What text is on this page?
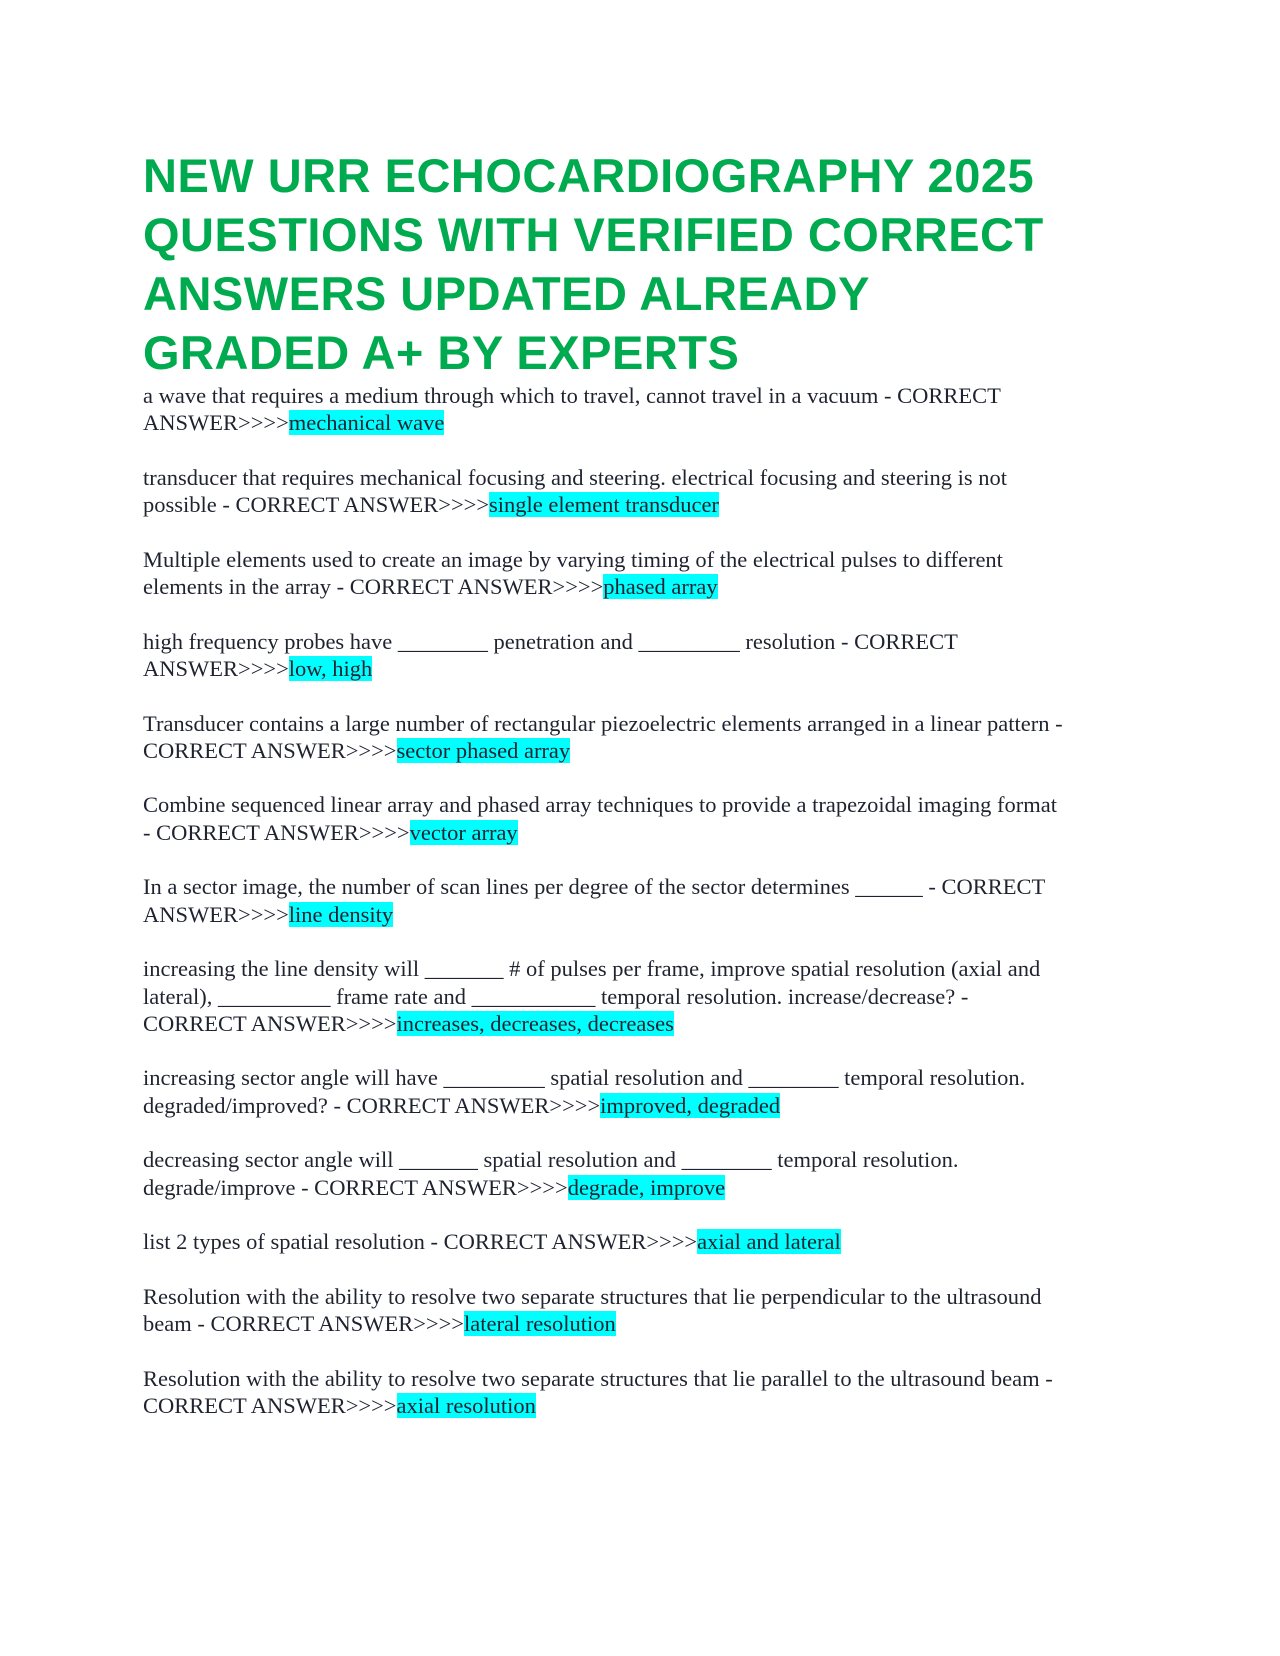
NEW URR ECHOCARDIOGRAPHY 2025
QUESTIONS WITH VERIFIED CORRECT
ANSWERS UPDATED ALREADY
GRADED A+ BY EXPERTS

a wave that requires a medium through which to travel, cannot travel in a vacuum - CORRECT ANSWER>>>>mechanical wave

transducer that requires mechanical focusing and steering. electrical focusing and steering is not possible - CORRECT ANSWER>>>>single element transducer

Multiple elements used to create an image by varying timing of the electrical pulses to different elements in the array - CORRECT ANSWER>>>>phased array

high frequency probes have ________ penetration and _________ resolution - CORRECT ANSWER>>>>low, high

Transducer contains a large number of rectangular piezoelectric elements arranged in a linear pattern - CORRECT ANSWER>>>>sector phased array

Combine sequenced linear array and phased array techniques to provide a trapezoidal imaging format - CORRECT ANSWER>>>>vector array

In a sector image, the number of scan lines per degree of the sector determines ______ - CORRECT ANSWER>>>>line density

increasing the line density will _______ # of pulses per frame, improve spatial resolution (axial and lateral), __________ frame rate and ___________ temporal resolution. increase/decrease? - CORRECT ANSWER>>>>increases, decreases, decreases

increasing sector angle will have _________ spatial resolution and ________ temporal resolution. degraded/improved? - CORRECT ANSWER>>>>improved, degraded

decreasing sector angle will _______ spatial resolution and ________ temporal resolution. degrade/improve - CORRECT ANSWER>>>>degrade, improve

list 2 types of spatial resolution - CORRECT ANSWER>>>>axial and lateral

Resolution with the ability to resolve two separate structures that lie perpendicular to the ultrasound beam - CORRECT ANSWER>>>>lateral resolution

Resolution with the ability to resolve two separate structures that lie parallel to the ultrasound beam - CORRECT ANSWER>>>>axial resolution
